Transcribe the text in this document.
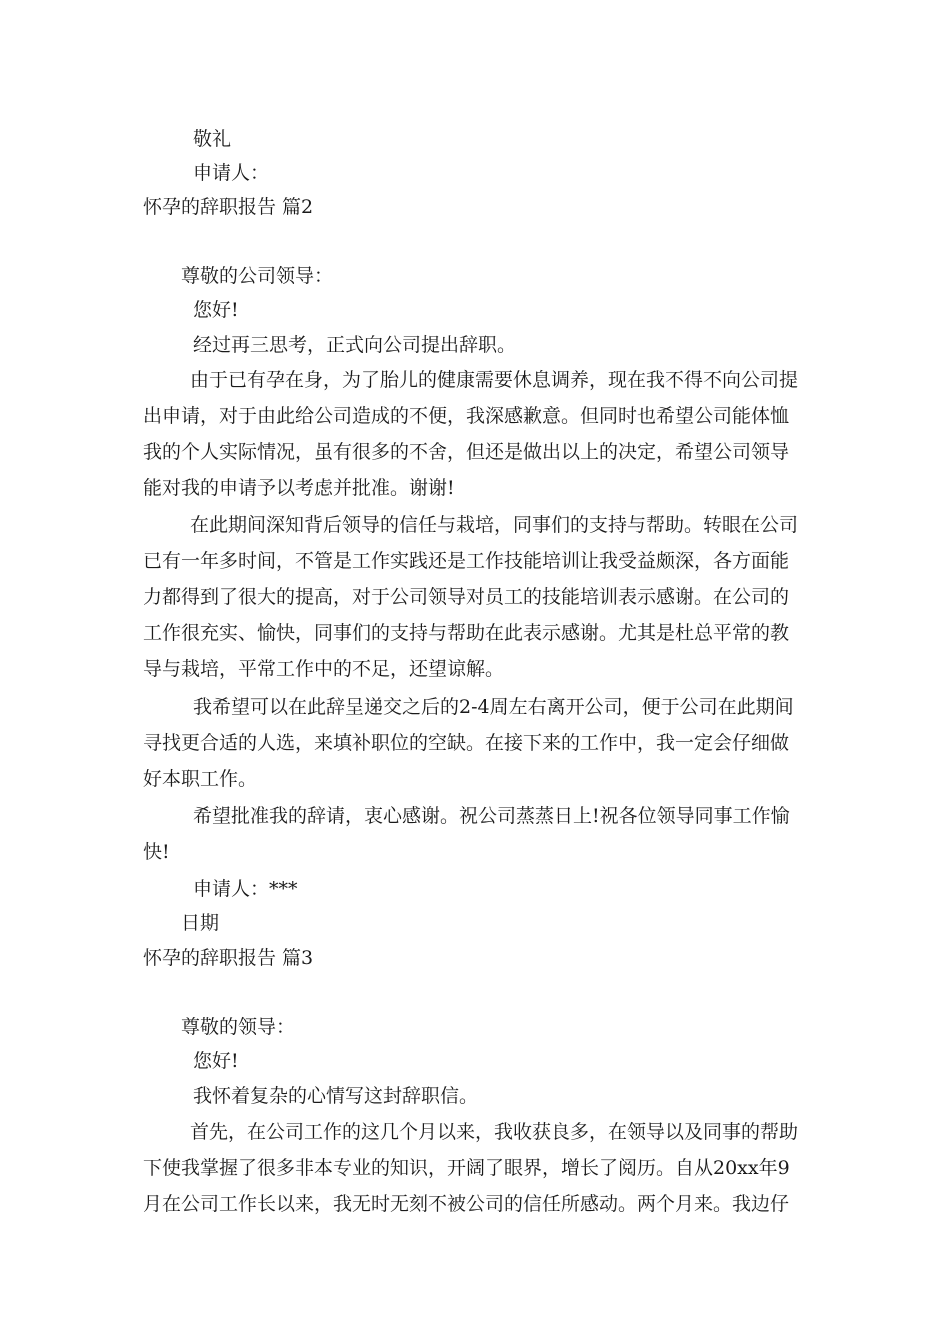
敬礼
申请人：
怀孕的辞职报告 篇2
尊敬的公司领导：
您好!
经过再三思考，正式向公司提出辞职。
由于已有孕在身，为了胎儿的健康需要休息调养，现在我不得不向公司提
出申请，对于由此给公司造成的不便，我深感歉意。但同时也希望公司能体恤
我的个人实际情况，虽有很多的不舍，但还是做出以上的决定，希望公司领导
能对我的申请予以考虑并批准。谢谢!
在此期间深知背后领导的信任与栽培，同事们的支持与帮助。转眼在公司
已有一年多时间，不管是工作实践还是工作技能培训让我受益颇深，各方面能
力都得到了很大的提高，对于公司领导对员工的技能培训表示感谢。在公司的
工作很充实、愉快，同事们的支持与帮助在此表示感谢。尤其是杜总平常的教
导与栽培，平常工作中的不足，还望谅解。
我希望可以在此辞呈递交之后的2-4周左右离开公司，便于公司在此期间
寻找更合适的人选，来填补职位的空缺。在接下来的工作中，我一定会仔细做
好本职工作。
希望批准我的辞请，衷心感谢。祝公司蒸蒸日上!祝各位领导同事工作愉
快!
申请人：***
日期
怀孕的辞职报告 篇3
尊敬的领导：
您好!
我怀着复杂的心情写这封辞职信。
首先，在公司工作的这几个月以来，我收获良多，在领导以及同事的帮助
下使我掌握了很多非本专业的知识，开阔了眼界，增长了阅历。自从20xx年9
月在公司工作长以来，我无时无刻不被公司的信任所感动。两个月来。我边仔
